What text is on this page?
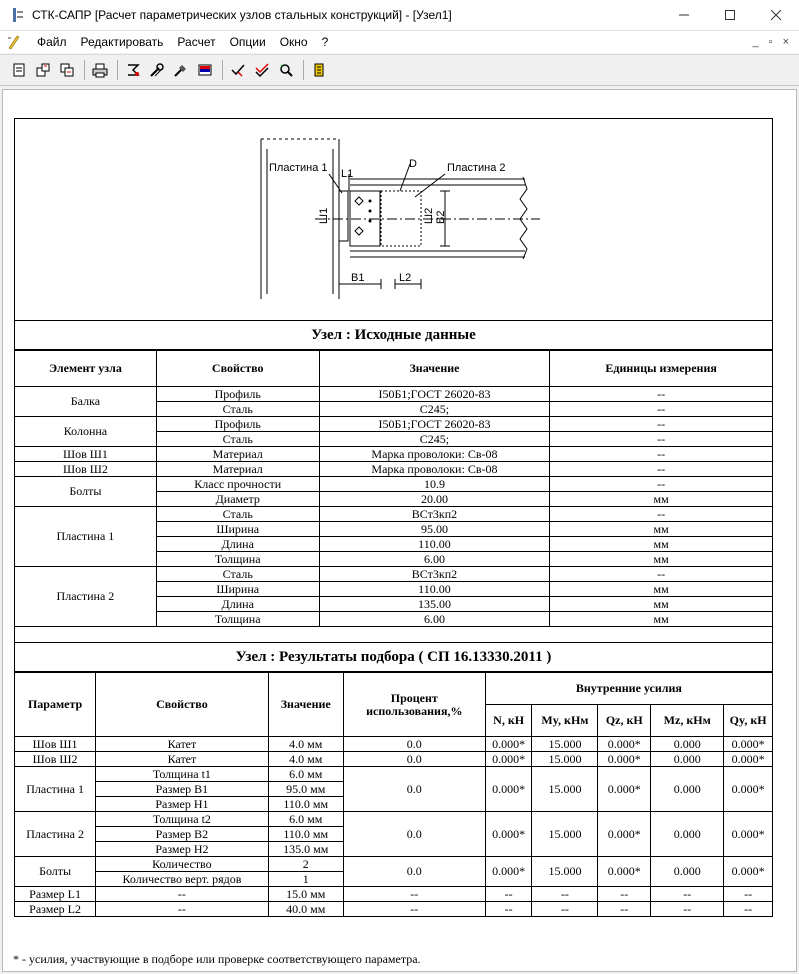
СТК-САПР [Расчет параметрических узлов стальных конструкций] - [Узел1]
Файл	Редактировать	Расчет	Опции	Окно	?	_ ▫ ×
Пластина 1 L1
D	Пластина 2
Ш1	Ш2 B2
B1	L2
Узел : Исходные данные
Элемент узла	Свойство	Значение	Единицы измерения
Балка	Профиль	I50Б1;ГОСТ 26020-83	--
	Сталь	C245;	--
Колонна	Профиль	I50Б1;ГОСТ 26020-83	--
	Сталь	C245;	--
Шов Ш1	Материал	Марка проволоки: Св-08	--
Шов Ш2	Материал	Марка проволоки: Св-08	--
Болты	Класс прочности	10.9	--
	Диаметр	20.00	мм
Пластина 1	Сталь	ВСт3кп2	--
	Ширина	95.00	мм
	Длина	110.00	мм
	Толщина	6.00	мм
Пластина 2	Сталь	ВСт3кп2	--
	Ширина	110.00	мм
	Длина	135.00	мм
	Толщина	6.00	мм
Узел : Результаты подбора ( СП 16.13330.2011 )
Параметр	Свойство	Значение	Процент использования,%	Внутренние усилия				
				N, кН	My, кНм	Qz, кН	Mz, кНм	Qy, кН
Шов Ш1	Катет	4.0 мм	0.0	0.000*	15.000	0.000*	0.000	0.000*
Шов Ш2	Катет	4.0 мм	0.0	0.000*	15.000	0.000*	0.000	0.000*
Пластина 1	Толщина t1	6.0 мм	0.0	0.000*	15.000	0.000*	0.000	0.000*
	Размер B1	95.0 мм						
	Размер H1	110.0 мм						
Пластина 2	Толщина t2	6.0 мм	0.0	0.000*	15.000	0.000*	0.000	0.000*
	Размер B2	110.0 мм						
	Размер H2	135.0 мм						
Болты	Количество	2	0.0	0.000*	15.000	0.000*	0.000	0.000*
	Количество верт. рядов	1						
Размер L1	--	15.0 мм	--	--	--	--	--	--
Размер L2	--	40.0 мм	--	--	--	--	--	--
* - усилия, участвующие в подборе или проверке соответствующего параметра.
